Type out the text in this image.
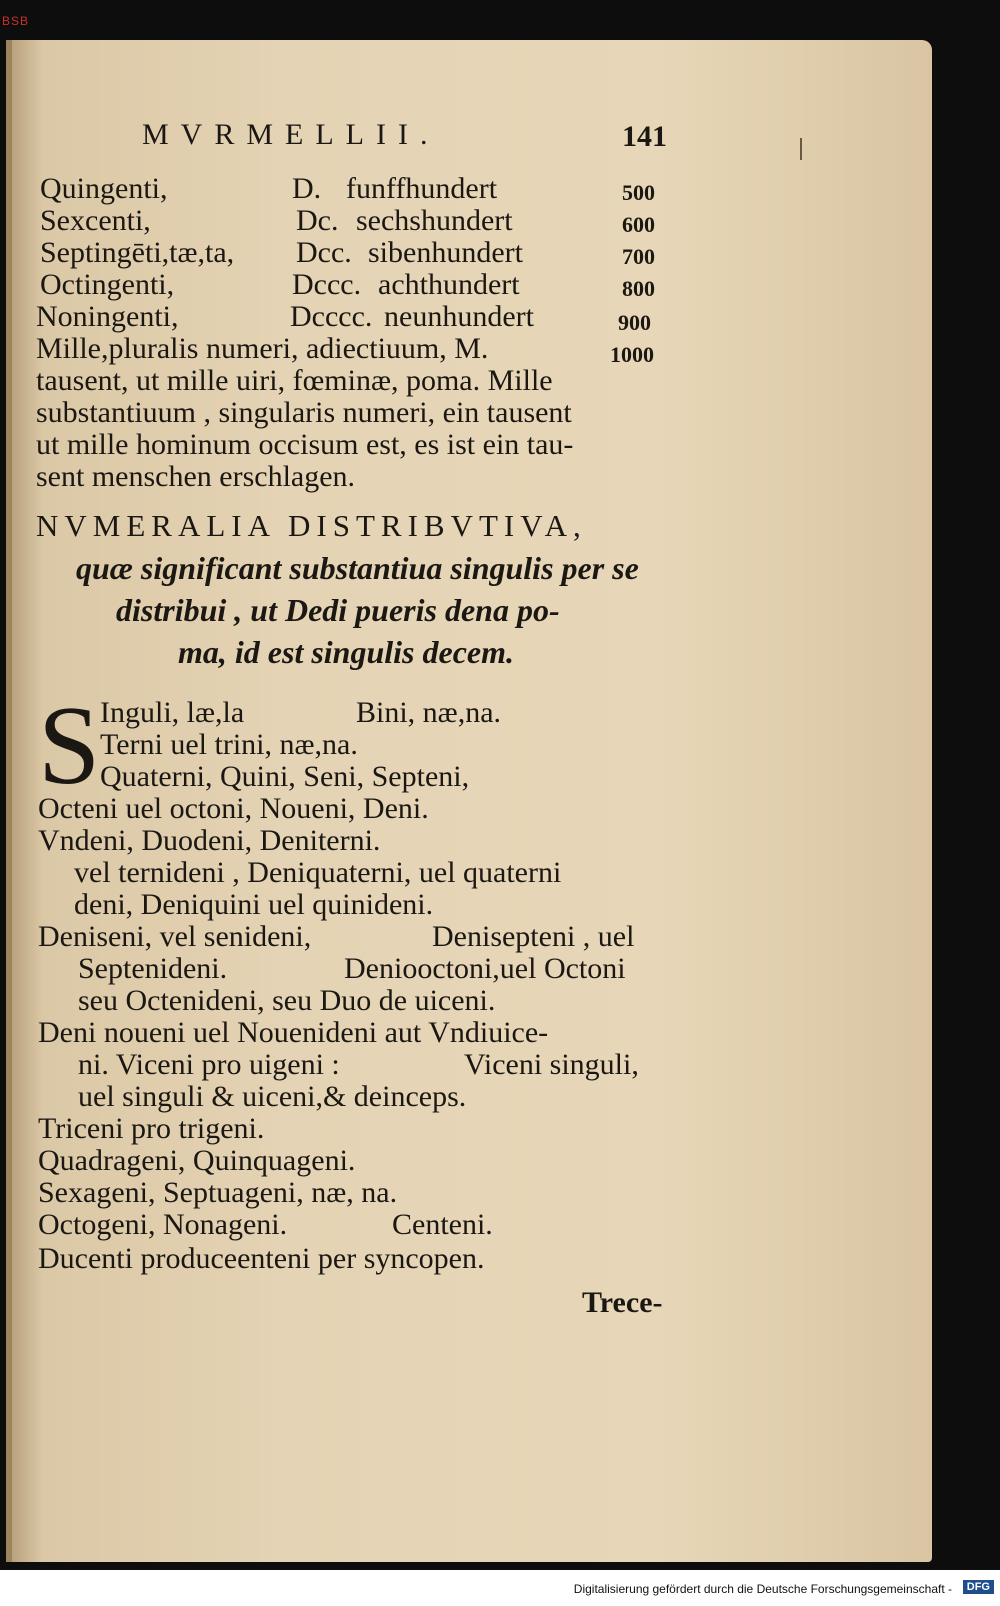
BSB
MVRMELLII.	141
Quingenti,	D. funffhundert	500
Sexcenti,	Dc. sechshundert	600
Septingēti,tæ,ta, Dcc. sibenhundert	700
Octingenti,	Dccc. achthundert	800
Noningenti,	Dcccc. neunhundert	900
Mille,pluralis numeri, adiectiuum, M.	1000
tausent, ut mille uiri, fœminæ, poma. Mille
substantiuum , singularis numeri, ein tausent
ut mille hominum occisum est, es ist ein tau-
sent menschen erschlagen.
NVMERALIA DISTRIBVTIVA,
quæ significant substantiua singulis per se
distribui , ut Dedi pueris dena po-
ma, id est singulis decem.
S Inguli, læ,la	Bini, næ,na.
Terni uel trini, næ,na.
Quaterni, Quini, Seni, Septeni,
Octeni uel octoni, Noueni, Deni.
Vndeni, Duodeni, Deniterni.
vel ternideni , Deniquaterni, uel quaterni
deni, Deniquini uel quinideni.
Deniseni, vel senideni,	Denisepteni , uel
Septenideni.	Deniooctoni,uel Octoni
seu Octenideni, seu Duo de uiceni.
Deni noueni uel Nouenideni aut Vndiuice-
ni. Viceni pro uigeni :	Viceni singuli,
uel singuli & uiceni,& deinceps.
Triceni pro trigeni.
Quadrageni, Quinquageni.
Sexageni, Septuageni, næ, na.
Octogeni, Nonageni.	Centeni.
Ducenti produceenteni per syncopen.
Trece-
Digitalisierung gefördert durch die Deutsche Forschungsgemeinschaft -	DFG
